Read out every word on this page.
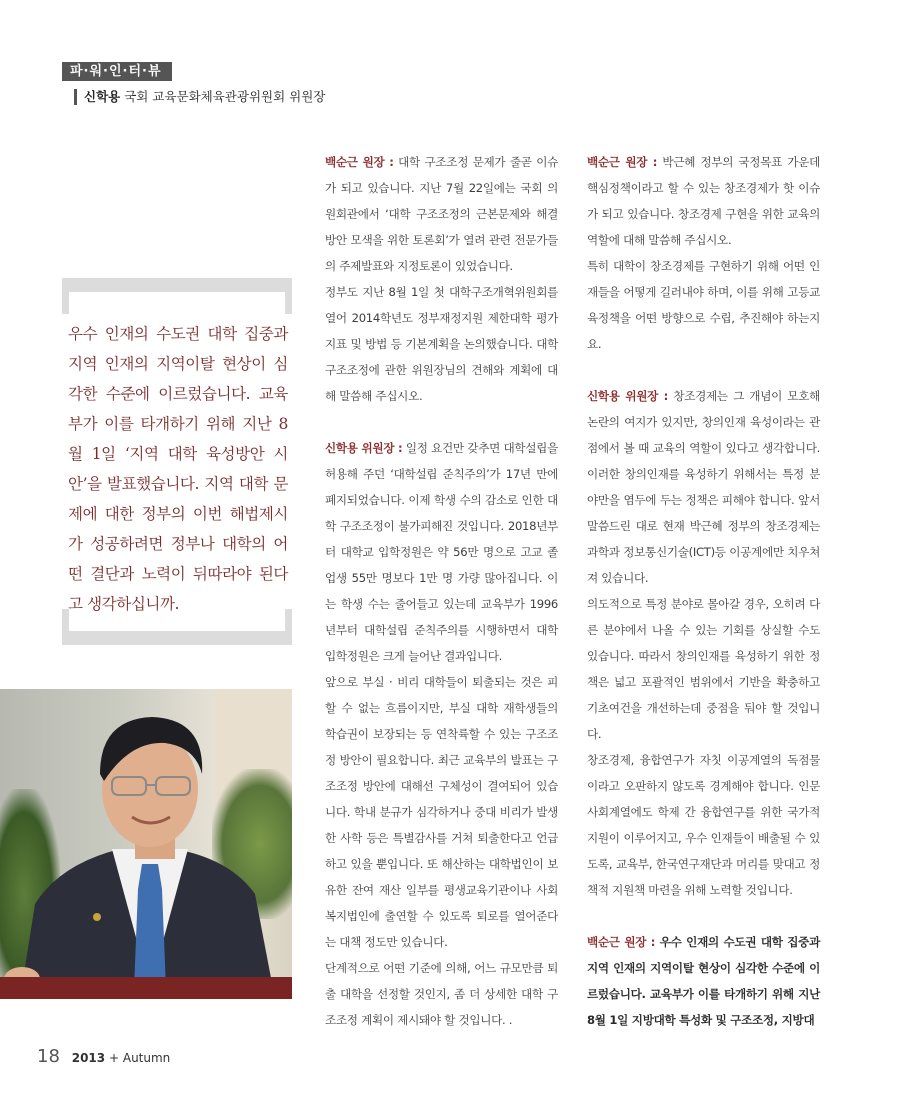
파·워·인·터·뷰
신학용 국회 교육문화체육관광위원회 위원장
우수 인재의 수도권 대학 집중과 지역 인재의 지역이탈 현상이 심각한 수준에 이르렀습니다. 교육부가 이를 타개하기 위해 지난 8월 1일 ‘지역 대학 육성방안 시안’을 발표했습니다. 지역 대학 문제에 대한 정부의 이번 해법제시가 성공하려면 정부나 대학의 어떤 결단과 노력이 뒤따라야 된다고 생각하십니까.

백순근 원장 : 대학 구조조정 문제가 줄곧 이슈가 되고 있습니다. 지난 7월 22일에는 국회 의원회관에서 ‘대학 구조조정의 근본문제와 해결방안 모색을 위한 토론회’가 열려 관련 전문가들의 주제발표와 지정토론이 있었습니다.

정부도 지난 8월 1일 첫 대학구조개혁위원회를 열어 2014학년도 정부재정지원 제한대학 평가지표 및 방법 등 기본계획을 논의했습니다. 대학 구조조정에 관한 위원장님의 견해와 계획에 대해 말씀해 주십시오.

신학용 위원장 : 일정 요건만 갖추면 대학설립을 허용해 주던 ‘대학설립 준칙주의’가 17년 만에 폐지되었습니다. 이제 학생 수의 감소로 인한 대학 구조조정이 불가피해진 것입니다. 2018년부터 대학교 입학정원은 약 56만 명으로 고교 졸업생 55만 명보다 1만 명 가량 많아집니다. 이는 학생 수는 줄어들고 있는데 교육부가 1996년부터 대학설립 준칙주의를 시행하면서 대학 입학정원은 크게 늘어난 결과입니다.

앞으로 부실 · 비리 대학들이 퇴출되는 것은 피할 수 없는 흐름이지만, 부실 대학 재학생들의 학습권이 보장되는 등 연착륙할 수 있는 구조조정 방안이 필요합니다. 최근 교육부의 발표는 구조조정 방안에 대해선 구체성이 결여되어 있습니다. 학내 분규가 심각하거나 중대 비리가 발생한 사학 등은 특별감사를 거쳐 퇴출한다고 언급하고 있을 뿐입니다. 또 해산하는 대학법인이 보유한 잔여 재산 일부를 평생교육기관이나 사회복지법인에 출연할 수 있도록 퇴로를 열어준다는 대책 정도만 있습니다.

단계적으로 어떤 기준에 의해, 어느 규모만큼 퇴출 대학을 선정할 것인지, 좀 더 상세한 대학 구조조정 계획이 제시돼야 할 것입니다. .

백순근 원장 : 박근혜 정부의 국정목표 가운데 핵심정책이라고 할 수 있는 창조경제가 핫 이슈가 되고 있습니다. 창조경제 구현을 위한 교육의 역할에 대해 말씀해 주십시오.

특히 대학이 창조경제를 구현하기 위해 어떤 인재들을 어떻게 길러내야 하며, 이를 위해 고등교육정책을 어떤 방향으로 수립, 추진해야 하는지요.

신학용 위원장 : 창조경제는 그 개념이 모호해 논란의 여지가 있지만, 창의인재 육성이라는 관점에서 볼 때 교육의 역할이 있다고 생각합니다. 이러한 창의인재를 육성하기 위해서는 특정 분야만을 염두에 두는 정책은 피해야 합니다. 앞서 말씀드린 대로 현재 박근혜 정부의 창조경제는 과학과 정보통신기술(ICT)등 이공계에만 치우쳐져 있습니다.

의도적으로 특정 분야로 몰아갈 경우, 오히려 다른 분야에서 나올 수 있는 기회를 상실할 수도 있습니다. 따라서 창의인재를 육성하기 위한 정책은 넓고 포괄적인 범위에서 기반을 확충하고 기초여건을 개선하는데 중점을 둬야 할 것입니다.

창조경제, 융합연구가 자칫 이공계열의 독점물이라고 오판하지 않도록 경계해야 합니다. 인문사회계열에도 학제 간 융합연구를 위한 국가적 지원이 이루어지고, 우수 인재들이 배출될 수 있도록, 교육부, 한국연구재단과 머리를 맞대고 정책적 지원책 마련을 위해 노력할 것입니다.

백순근 원장 : 우수 인재의 수도권 대학 집중과 지역 인재의 지역이탈 현상이 심각한 수준에 이르렀습니다. 교육부가 이를 타개하기 위해 지난 8월 1일 지방대학 특성화 및 구조조정, 지방대

18 2013 + Autumn
